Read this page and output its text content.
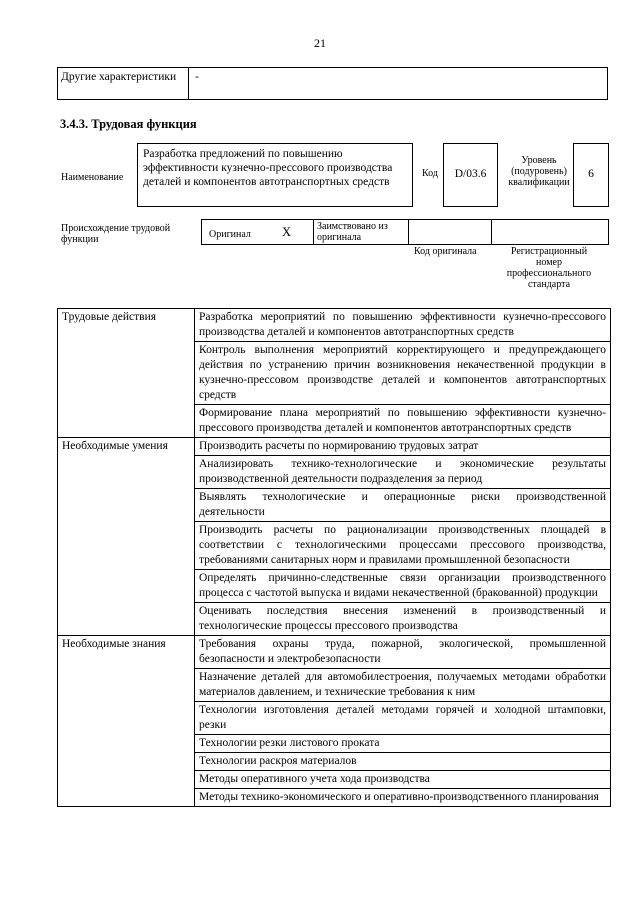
21
Другие характеристики	-
3.4.3. Трудовая функция
Наименование
Разработка предложений по повышению эффективности кузнечно-прессового производства деталей и компонентов автотранспортных средств
Код	D/03.6
Уровень (подуровень) квалификации
6
Происхождение трудовой функции	Оригинал X	Заимствовано из оригинала
Код оригинала	Регистрационный номер профессионального стандарта
Трудовые действия	Разработка мероприятий по повышению эффективности кузнечно-прессового производства деталей и компонентов автотранспортных средств
	Контроль выполнения мероприятий корректирующего и предупреждающего действия по устранению причин возникновения некачественной продукции в кузнечно-прессовом производстве деталей и компонентов автотранспортных средств
	Формирование плана мероприятий по повышению эффективности кузнечно-прессового производства деталей и компонентов автотранспортных средств
Необходимые умения	Производить расчеты по нормированию трудовых затрат
	Анализировать технико-технологические и экономические результаты производственной деятельности подразделения за период
	Выявлять технологические и операционные риски производственной деятельности
	Производить расчеты по рационализации производственных площадей в соответствии с технологическими процессами прессового производства, требованиями санитарных норм и правилами промышленной безопасности
	Определять причинно-следственные связи организации производственного процесса с частотой выпуска и видами некачественной (бракованной) продукции
	Оценивать последствия внесения изменений в производственный и технологические процессы прессового производства
Необходимые знания	Требования охраны труда, пожарной, экологической, промышленной безопасности и электробезопасности
	Назначение деталей для автомобилестроения, получаемых методами обработки материалов давлением, и технические требования к ним
	Технологии изготовления деталей методами горячей и холодной штамповки, резки
	Технологии резки листового проката
	Технологии раскроя материалов
	Методы оперативного учета хода производства
	Методы технико-экономического и оперативно-производственного планирования
